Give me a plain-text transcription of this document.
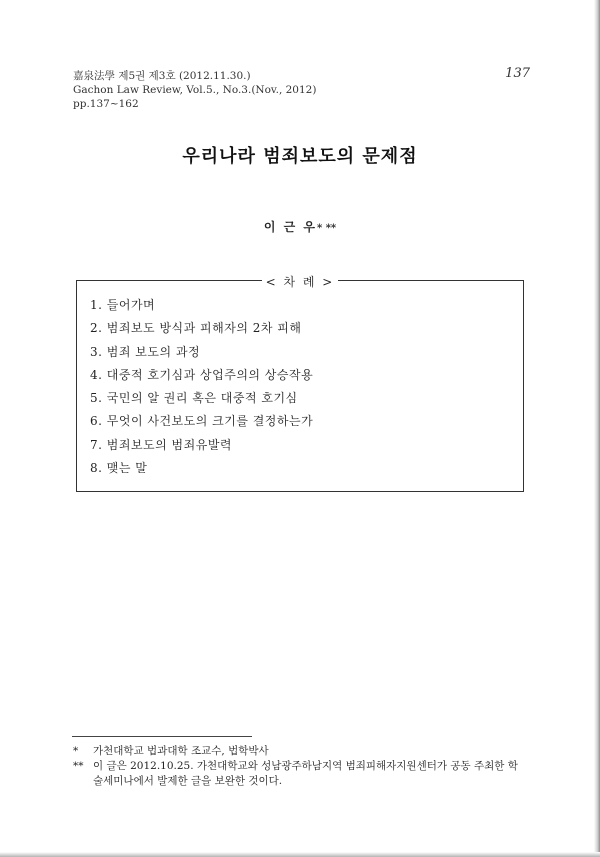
嘉泉法學 제5권 제3호 (2012.11.30.)
Gachon Law Review, Vol.5., No.3.(Nov., 2012)
pp.137~162
137
우리나라 범죄보도의 문제점
이 근 우* **
< 차 례 >
1. 들어가며
2. 범죄보도 방식과 피해자의 2차 피해
3. 범죄 보도의 과정
4. 대중적 호기심과 상업주의의 상승작용
5. 국민의 알 권리 혹은 대중적 호기심
6. 무엇이 사건보도의 크기를 결정하는가
7. 범죄보도의 범죄유발력
8. 맺는 말
* 가천대학교 법과대학 조교수, 법학박사
** 이 글은 2012.10.25. 가천대학교와 성남광주하남지역 범죄피해자지원센터가 공동 주최한 학
술세미나에서 발제한 글을 보완한 것이다.
